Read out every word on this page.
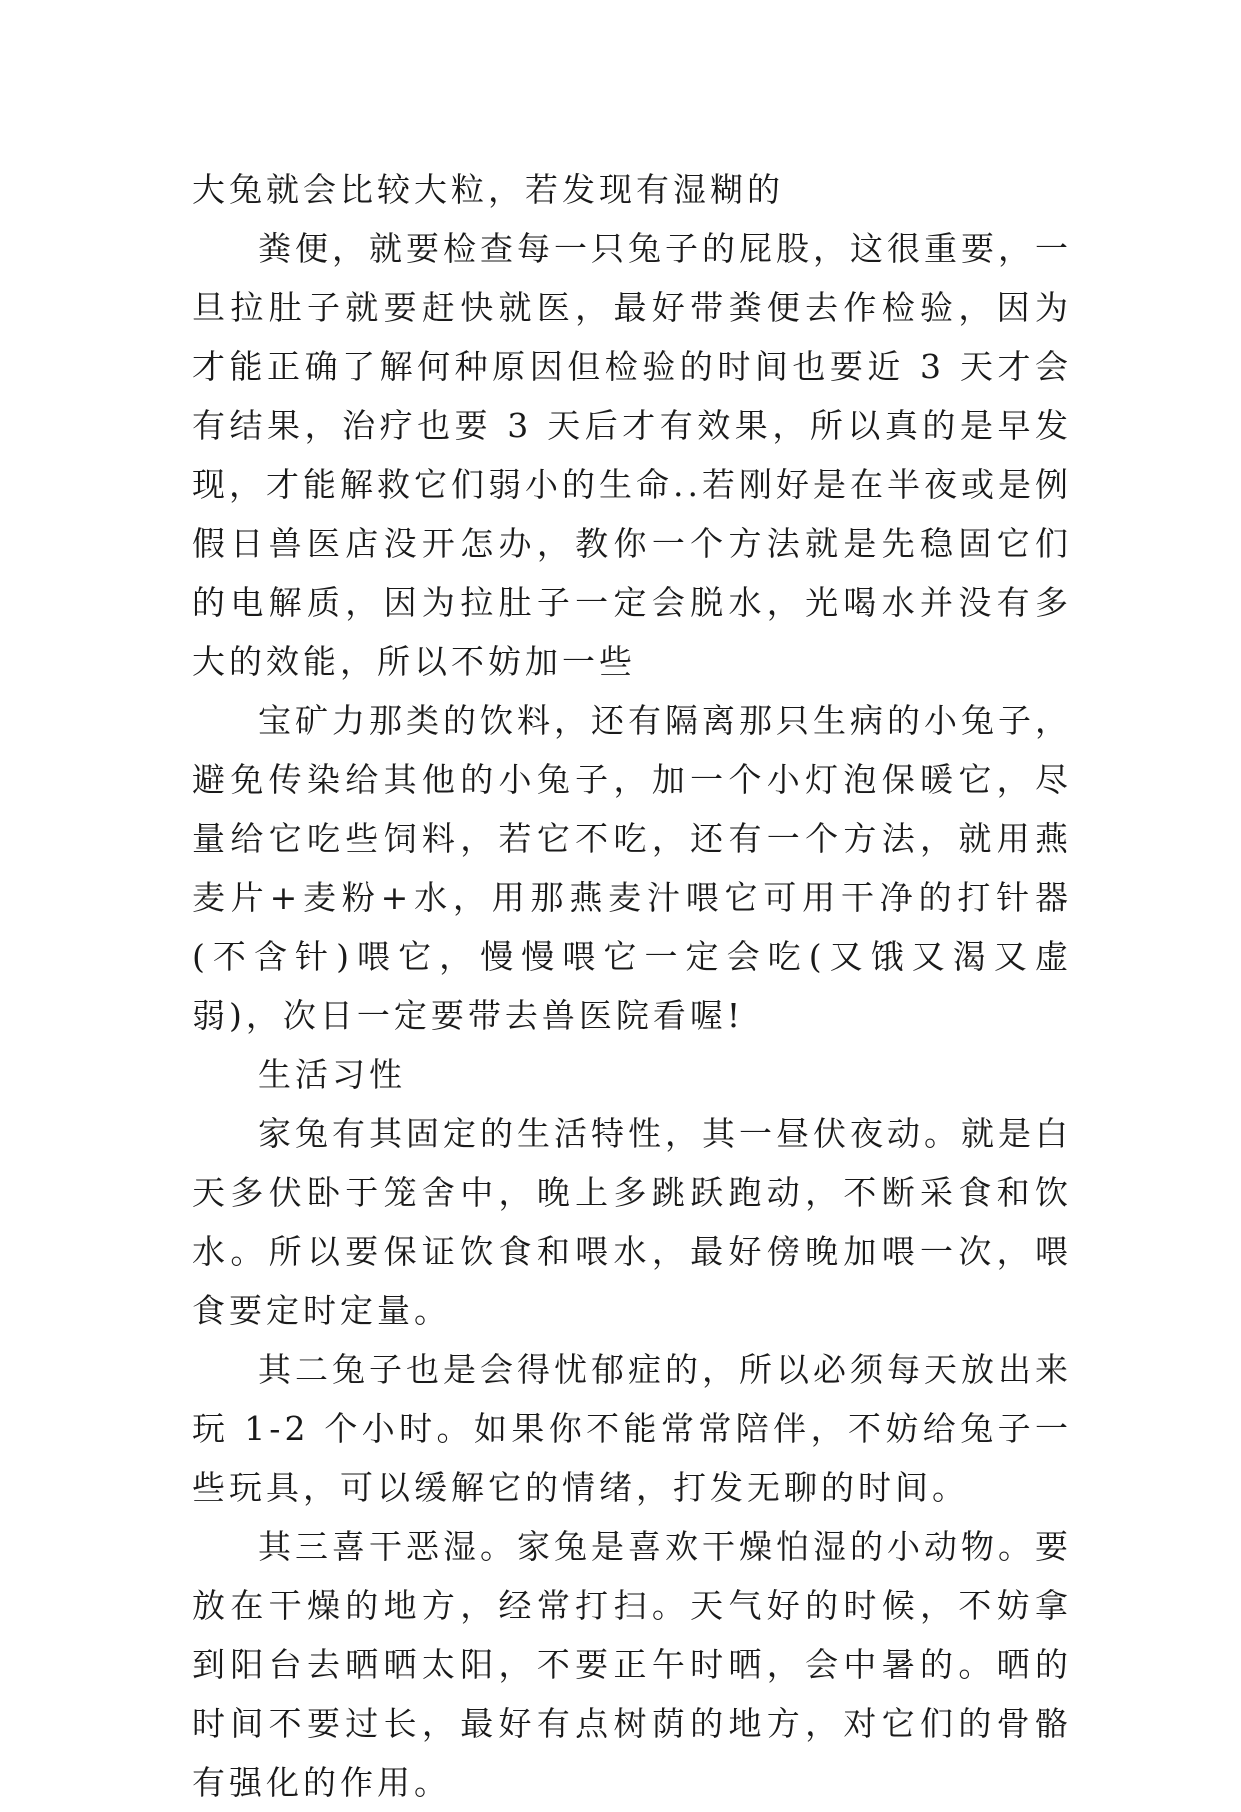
大兔就会比较大粒，若发现有湿糊的

粪便，就要检查每一只兔子的屁股，这很重要，一旦拉肚子就要赶快就医，最好带粪便去作检验，因为才能正确了解何种原因但检验的时间也要近 3 天才会有结果，治疗也要 3 天后才有效果，所以真的是早发现，才能解救它们弱小的生命..若刚好是在半夜或是例假日兽医店没开怎办，教你一个方法就是先稳固它们的电解质，因为拉肚子一定会脱水，光喝水并没有多大的效能，所以不妨加一些

宝矿力那类的饮料，还有隔离那只生病的小兔子，避免传染给其他的小兔子，加一个小灯泡保暖它，尽量给它吃些饲料，若它不吃，还有一个方法，就用燕麦片+麦粉+水，用那燕麦汁喂它可用干净的打针器(不含针)喂它，慢慢喂它一定会吃(又饿又渴又虚弱)，次日一定要带去兽医院看喔!

生活习性

家兔有其固定的生活特性，其一昼伏夜动。就是白天多伏卧于笼舍中，晚上多跳跃跑动，不断采食和饮水。所以要保证饮食和喂水，最好傍晚加喂一次，喂食要定时定量。

其二兔子也是会得忧郁症的，所以必须每天放出来玩 1-2 个小时。如果你不能常常陪伴，不妨给兔子一些玩具，可以缓解它的情绪，打发无聊的时间。

其三喜干恶湿。家兔是喜欢干燥怕湿的小动物。要放在干燥的地方，经常打扫。天气好的时候，不妨拿到阳台去晒晒太阳，不要正午时晒，会中暑的。晒的时间不要过长，最好有点树荫的地方，对它们的骨骼有强化的作用。
